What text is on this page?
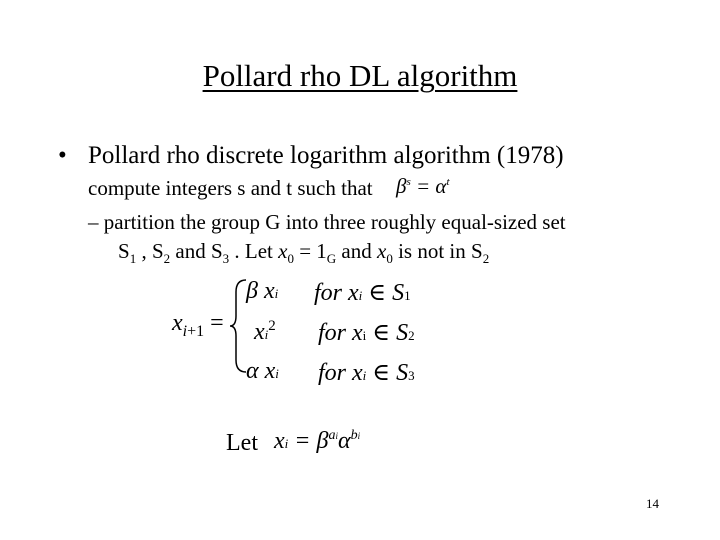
Pollard rho DL algorithm
• Pollard rho discrete logarithm algorithm (1978)
compute integers s and t such that $\beta^s = \alpha^t$
– partition the group G into three roughly equal-sized set
$S_1$ , $S_2$ and $S_3$ . Let $x_0 = 1_G$ and $x_0$ is not in $S_2$
$x_{i+1}$ =
β xi for xi ∈ S1
$xi^2$ for xi ∈ S2
α xi for xi ∈ S3
Let xi = $\beta^{ai}\alpha^{bi}$
14
